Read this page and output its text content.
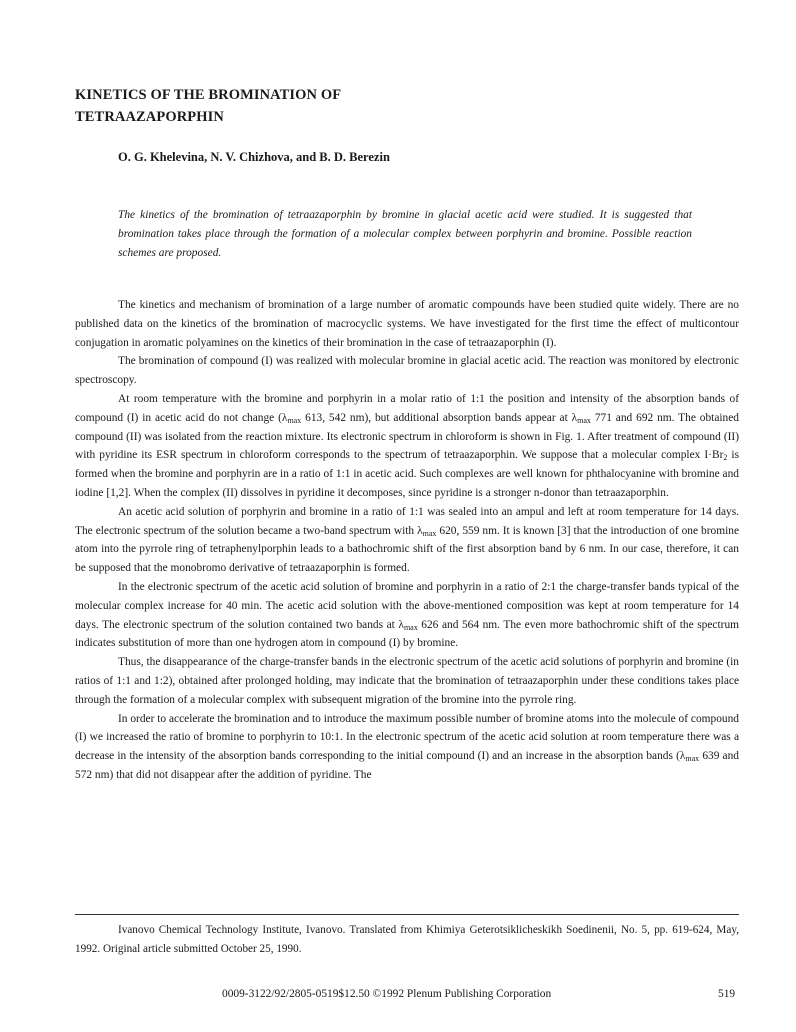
KINETICS OF THE BROMINATION OF
TETRAAZAPORPHIN
O. G. Khelevina, N. V. Chizhova, and B. D. Berezin
The kinetics of the bromination of tetraazaporphin by bromine in glacial acetic acid were studied. It is suggested that bromination takes place through the formation of a molecular complex between porphyrin and bromine. Possible reaction schemes are proposed.

The kinetics and mechanism of bromination of a large number of aromatic compounds have been studied quite widely. There are no published data on the kinetics of the bromination of macrocyclic systems. We have investigated for the first time the effect of multicontour conjugation in aromatic polyamines on the kinetics of their bromination in the case of tetraazaporphin (I).

The bromination of compound (I) was realized with molecular bromine in glacial acetic acid. The reaction was monitored by electronic spectroscopy.

At room temperature with the bromine and porphyrin in a molar ratio of 1:1 the position and intensity of the absorption bands of compound (I) in acetic acid do not change ($\lambda_{max}$ 613, 542 nm), but additional absorption bands appear at $\lambda_{max}$ 771 and 692 nm. The obtained compound (II) was isolated from the reaction mixture. Its electronic spectrum in chloroform is shown in Fig. 1. After treatment of compound (II) with pyridine its ESR spectrum in chloroform corresponds to the spectrum of tetraazaporphin. We suppose that a molecular complex $I\cdot Br_2$ is formed when the bromine and porphyrin are in a ratio of 1:1 in acetic acid. Such complexes are well known for phthalocyanine with bromine and iodine [1,2]. When the complex (II) dissolves in pyridine it decomposes, since pyridine is a stronger n-donor than tetraazaporphin.

An acetic acid solution of porphyrin and bromine in a ratio of 1:1 was sealed into an ampul and left at room temperature for 14 days. The electronic spectrum of the solution became a two-band spectrum with $\lambda_{max}$ 620, 559 nm. It is known [3] that the introduction of one bromine atom into the pyrrole ring of tetraphenylporphin leads to a bathochromic shift of the first absorption band by 6 nm. In our case, therefore, it can be supposed that the monobromo derivative of tetraazaporphin is formed.

In the electronic spectrum of the acetic acid solution of bromine and porphyrin in a ratio of 2:1 the charge-transfer bands typical of the molecular complex increase for 40 min. The acetic acid solution with the above-mentioned composition was kept at room temperature for 14 days. The electronic spectrum of the solution contained two bands at $\lambda_{max}$ 626 and 564 nm. The even more bathochromic shift of the spectrum indicates substitution of more than one hydrogen atom in compound (I) by bromine.

Thus, the disappearance of the charge-transfer bands in the electronic spectrum of the acetic acid solutions of porphyrin and bromine (in ratios of 1:1 and 1:2), obtained after prolonged holding, may indicate that the bromination of tetraazaporphin under these conditions takes place through the formation of a molecular complex with subsequent migration of the bromine into the pyrrole ring.

In order to accelerate the bromination and to introduce the maximum possible number of bromine atoms into the molecule of compound (I) we increased the ratio of bromine to porphyrin to 10:1. In the electronic spectrum of the acetic acid solution at room temperature there was a decrease in the intensity of the absorption bands corresponding to the initial compound (I) and an increase in the absorption bands ($\lambda_{max}$ 639 and 572 nm) that did not disappear after the addition of pyridine. The

Ivanovo Chemical Technology Institute, Ivanovo. Translated from Khimiya Geterotsiklicheskikh Soedinenii, No. 5, pp. 619-624, May, 1992. Original article submitted October 25, 1990.

0009-3122/92/2805-0519$12.50 ©1992 Plenum Publishing Corporation	519
